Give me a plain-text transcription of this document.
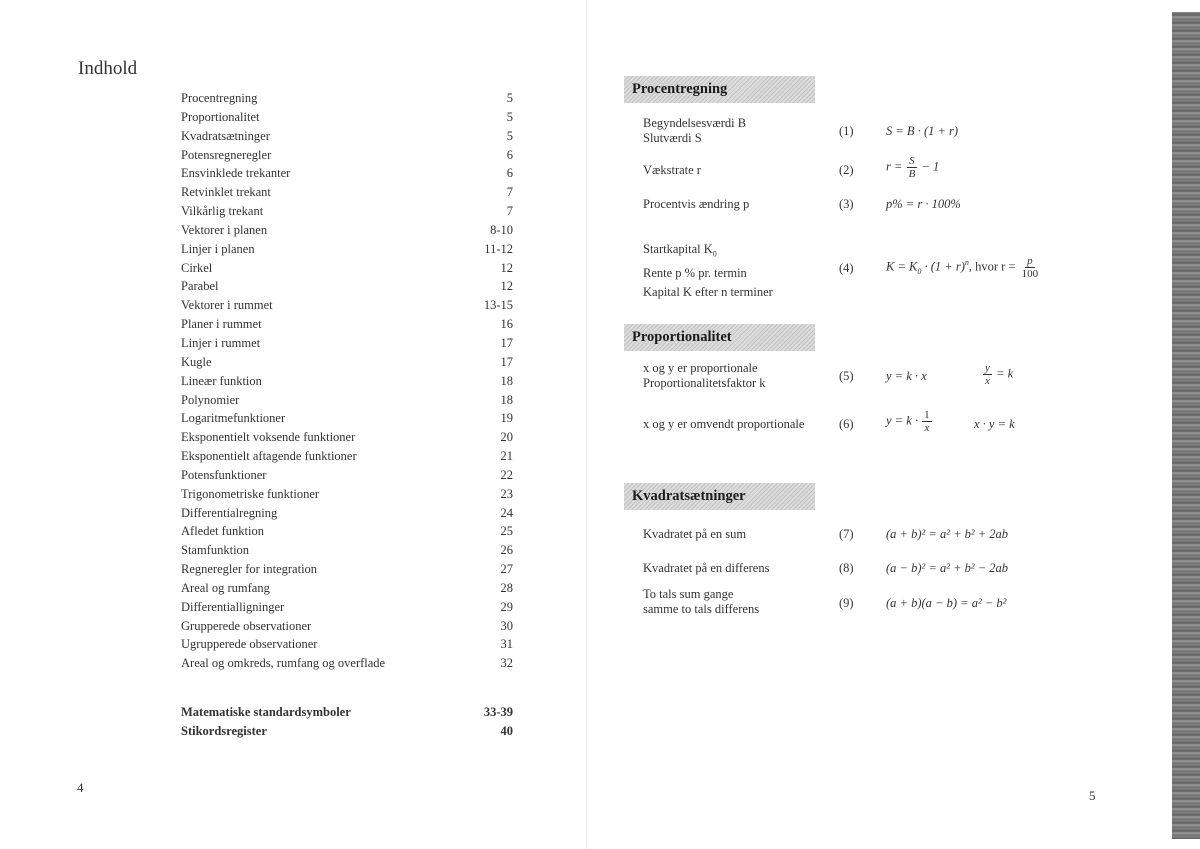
Indhold
Procentregning	5
Proportionalitet	5
Kvadratsætninger	5
Potensregneregler	6
Ensvinklede trekanter	6
Retvinklet trekant	7
Vilkårlig trekant	7
Vektorer i planen	8-10
Linjer i planen	11-12
Cirkel	12
Parabel	12
Vektorer i rummet	13-15
Planer i rummet	16
Linjer i rummet	17
Kugle	17
Lineær funktion	18
Polynomier	18
Logaritmefunktioner	19
Eksponentielt voksende funktioner	20
Eksponentielt aftagende funktioner	21
Potensfunktioner	22
Trigonometriske funktioner	23
Differentialregning	24
Afledet funktion	25
Stamfunktion	26
Regneregler for integration	27
Areal og rumfang	28
Differentialligninger	29
Grupperede observationer	30
Ugrupperede observationer	31
Areal og omkreds, rumfang og overflade	32
Matematiske standardsymboler	33-39
Stikordsregister	40
4
Procentregning
Begyndelsesværdi B
Slutværdi S	(1)	S = B · (1 + r)
Vækstrate r	(2)	$r = \frac{S}{B} - 1$
Procentvis ændring p	(3)	p% = r · 100%
Startkapital $K_0$
Rente p % pr. termin
Kapital K efter n terminer
(4)	$K = K_0 \cdot (1 + r)^n$, hvor $r = \frac{p}{100}$
Proportionalitet
x og y er proportionale
Proportionalitetsfaktor k	(5)	y = k · x	$\frac{y}{x} = k$
x og y er omvendt proportionale	(6)	$y = k \cdot \frac{1}{x}$	x · y = k
Kvadratsætninger
Kvadratet på en sum	(7)	(a + b)² = a² + b² + 2ab
Kvadratet på en differens	(8)	(a − b)² = a² + b² − 2ab
To tals sum gange
samme to tals differens	(9)	(a + b)(a − b) = a² − b²
5
